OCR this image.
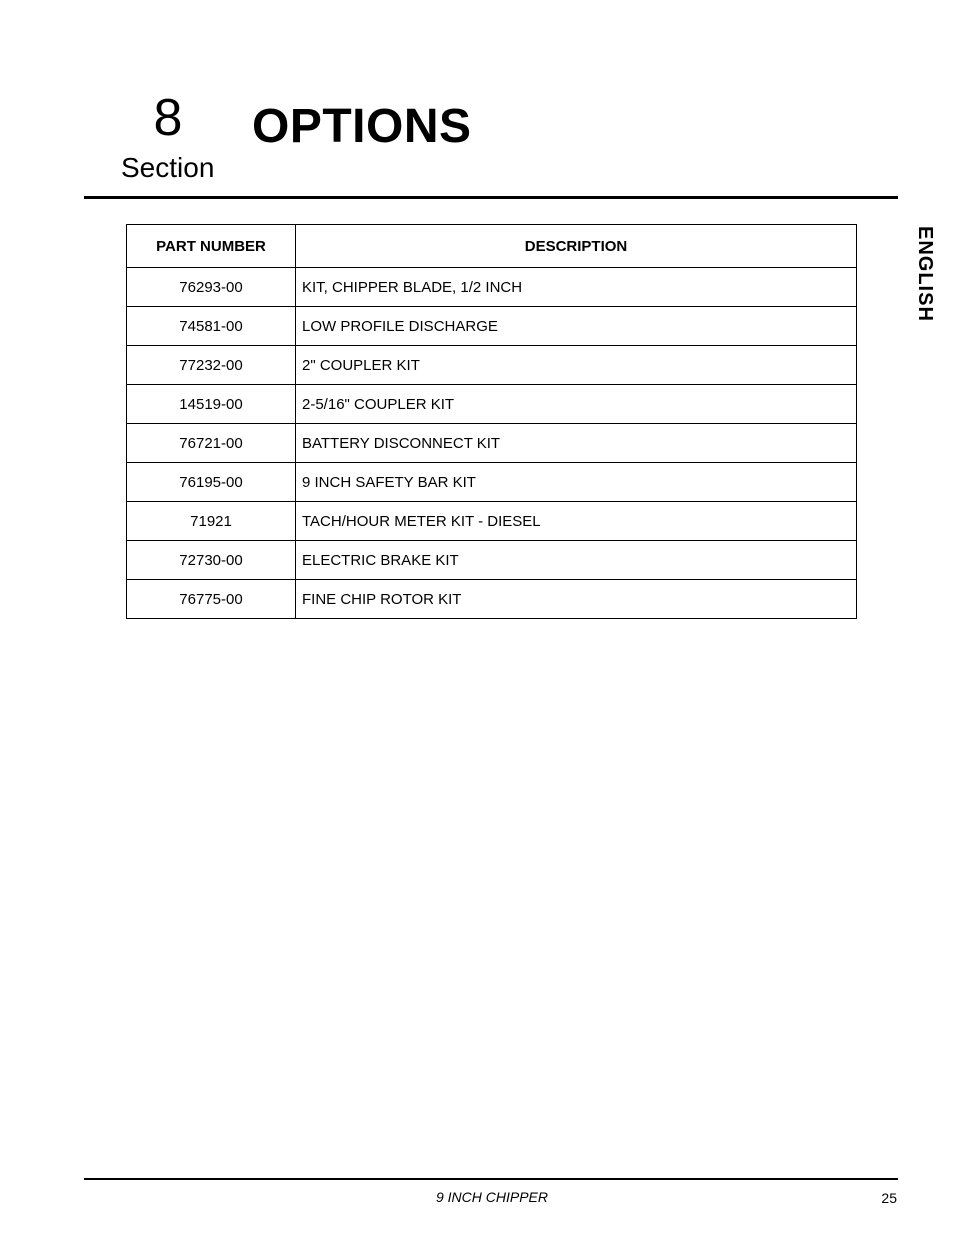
8
Section
OPTIONS
ENGLISH
PART NUMBER	DESCRIPTION
76293-00	KIT, CHIPPER BLADE, 1/2 INCH
74581-00	LOW PROFILE DISCHARGE
77232-00	2" COUPLER KIT
14519-00	2-5/16" COUPLER KIT
76721-00	BATTERY DISCONNECT KIT
76195-00	9 INCH SAFETY BAR KIT
71921	TACH/HOUR METER KIT - DIESEL
72730-00	ELECTRIC BRAKE KIT
76775-00	FINE CHIP ROTOR KIT
9 INCH CHIPPER	25
